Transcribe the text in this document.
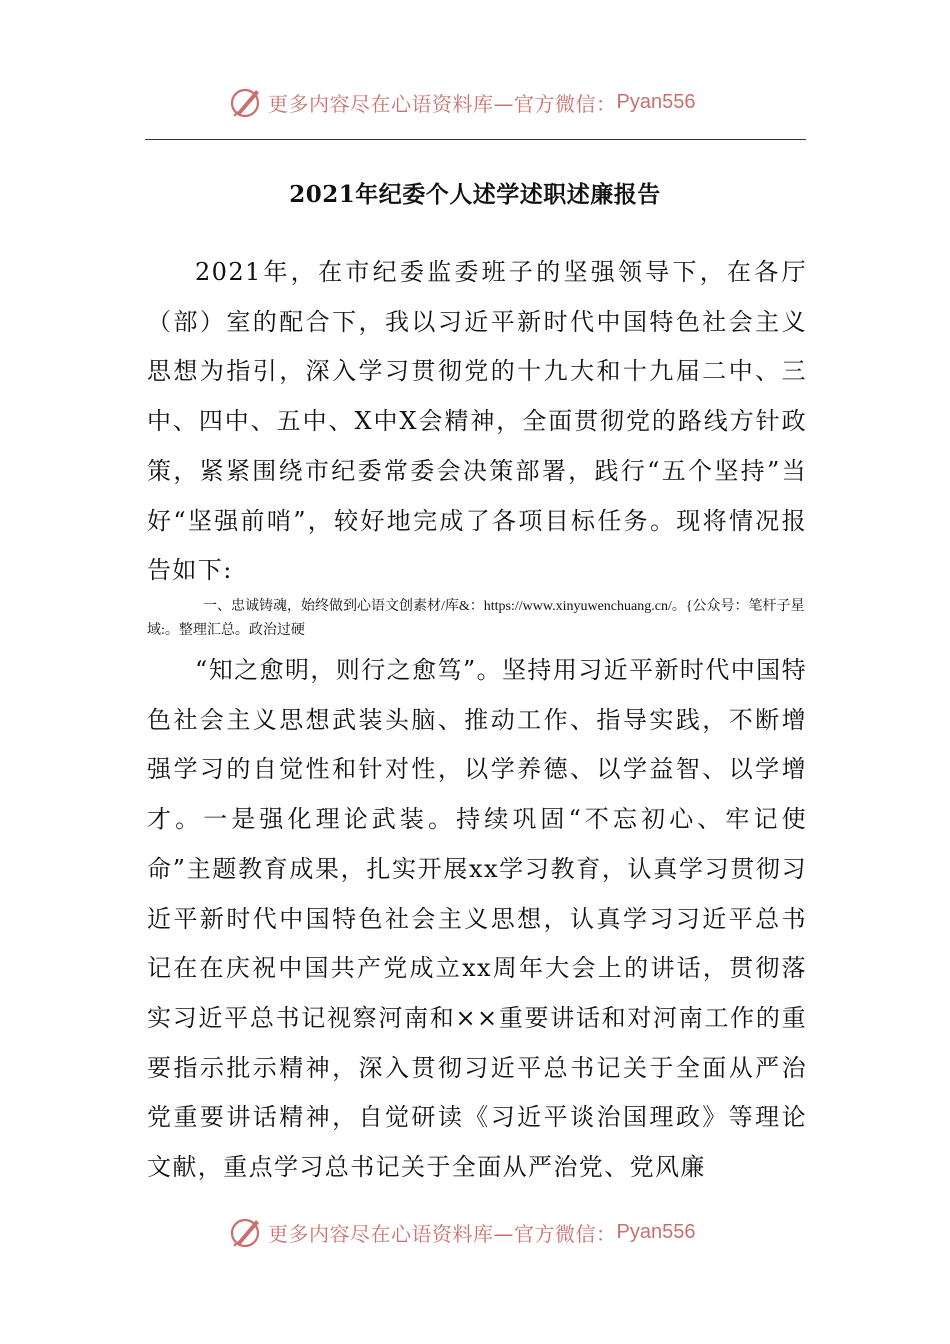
更多内容尽在心语资料库—官方微信： Pyan556
2021年纪委个人述学述职述廉报告

2021年，在市纪委监委班子的坚强领导下，在各厅（部）室的配合下，我以习近平新时代中国特色社会主义思想为指引，深入学习贯彻党的十九大和十九届二中、三中、四中、五中、X中X会精神，全面贯彻党的路线方针政策，紧紧围绕市纪委常委会决策部署，践行“五个坚持”当好“坚强前哨”，较好地完成了各项目标任务。现将情况报告如下:

一、忠诚铸魂，始终做到心语文创素材/库&：https://www.xinyuwenchuang.cn/。{公众号：笔杆子星域:。整理汇总。政治过硬

“知之愈明，则行之愈笃”。坚持用习近平新时代中国特色社会主义思想武装头脑、推动工作、指导实践，不断增强学习的自觉性和针对性，以学养德、以学益智、以学增才。一是强化理论武装。持续巩固“不忘初心、牢记使命”主题教育成果，扎实开展xx学习教育，认真学习贯彻习近平新时代中国特色社会主义思想，认真学习习近平总书记在在庆祝中国共产党成立xx周年大会上的讲话，贯彻落实习近平总书记视察河南和××重要讲话和对河南工作的重要指示批示精神，深入贯彻习近平总书记关于全面从严治党重要讲话精神，自觉研读《习近平谈治国理政》等理论文献，重点学习总书记关于全面从严治党、党风廉

更多内容尽在心语资料库—官方微信： Pyan556
